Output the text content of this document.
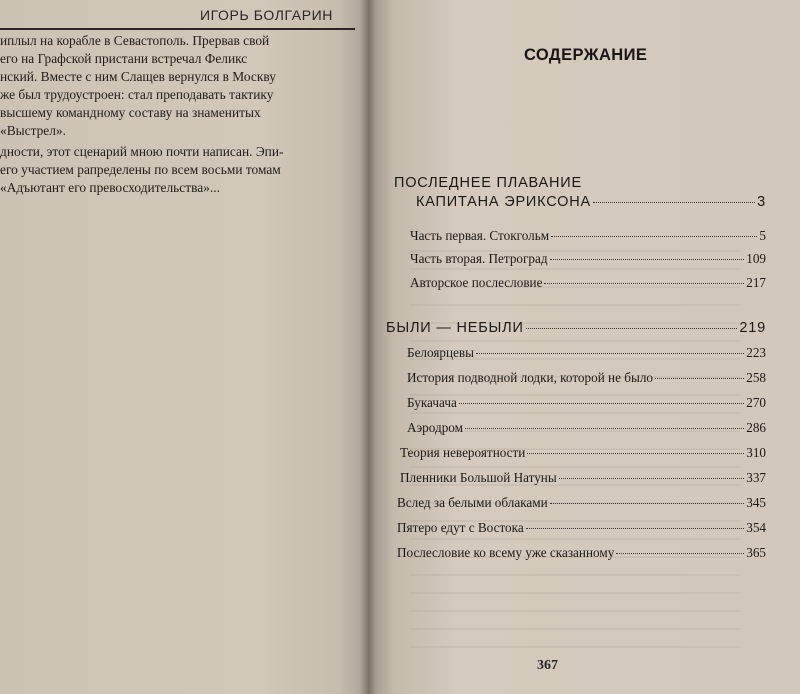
ИГОРЬ БОЛГАРИН

иплыл на корабле в Севастополь. Прервав свой

его на Графской пристани встречал Феликс

нский. Вместе с ним Слащев вернулся в Москву

же был трудоустроен: стал преподавать тактику

высшему командному составу на знаменитых

«Выстрел».

дности, этот сценарий мною почти написан. Эпи-

его участием рапределены по всем восьми томам

«Адъютант его превосходительства»...

СОДЕРЖАНИЕ
ПОСЛЕДНЕЕ ПЛАВАНИЕ
КАПИТАНА ЭРИКСОНА	3
Часть первая. Стокгольм	5
Часть вторая. Петроград	109
Авторское послесловие	217
БЫЛИ — НЕБЫЛИ	219
Белоярцевы	223
История подводной лодки, которой не было	258
Букачача	270
Аэродром	286
Теория невероятности	310
Пленники Большой Натуны	337
Вслед за белыми облаками	345
Пятеро едут с Востока	354
Послесловие ко всему уже сказанному	365
367
